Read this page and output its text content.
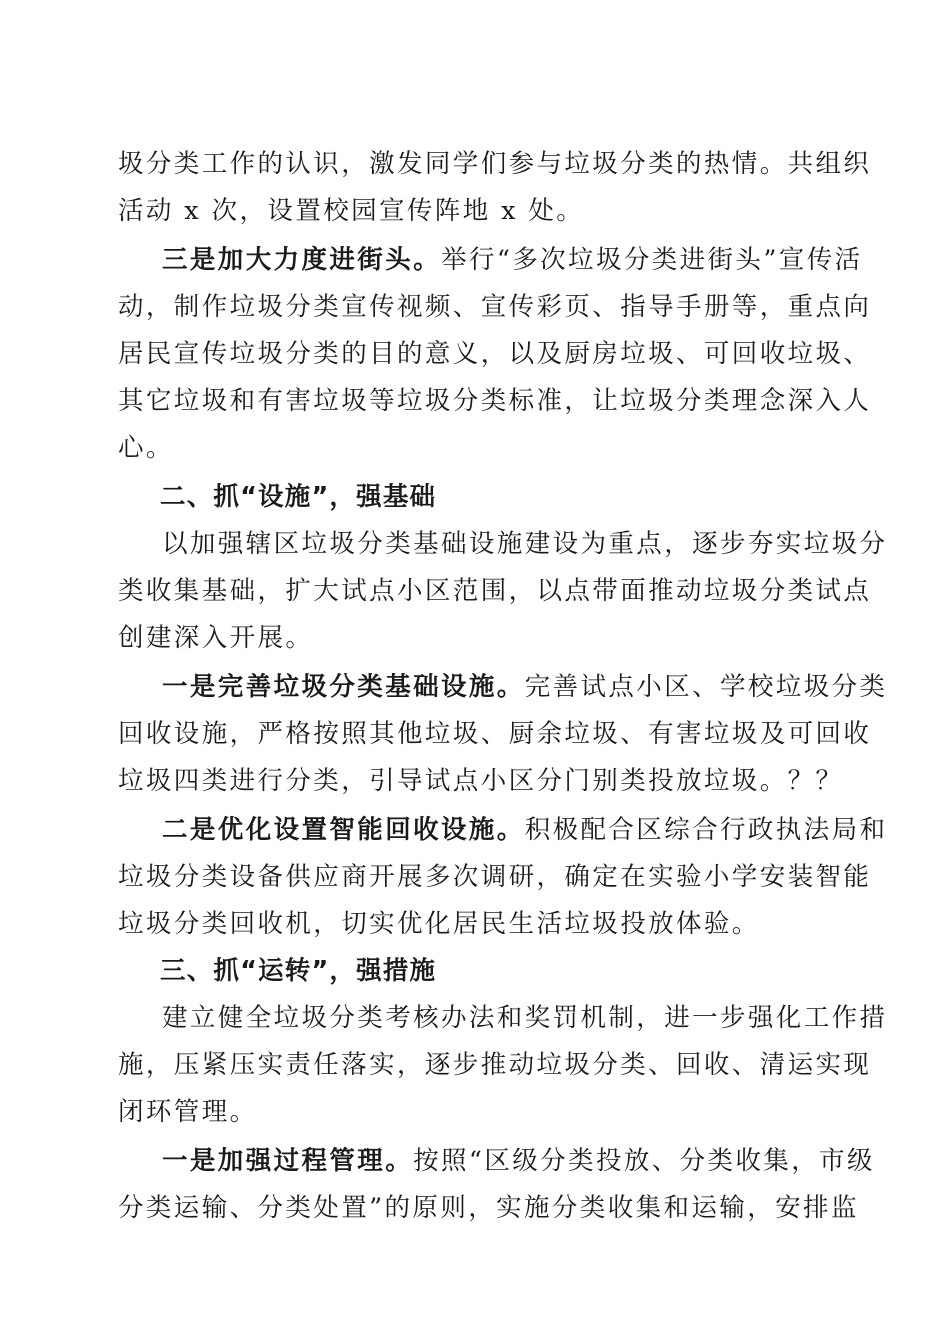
圾分类工作的认识，激发同学们参与垃圾分类的热情。共组织
活动 x 次，设置校园宣传阵地 x 处。
三是加大力度进街头。举行“多次垃圾分类进街头”宣传活
动，制作垃圾分类宣传视频、宣传彩页、指导手册等，重点向
居民宣传垃圾分类的目的意义，以及厨房垃圾、可回收垃圾、
其它垃圾和有害垃圾等垃圾分类标准，让垃圾分类理念深入人
心。
二、抓“设施”，强基础
以加强辖区垃圾分类基础设施建设为重点，逐步夯实垃圾分
类收集基础，扩大试点小区范围，以点带面推动垃圾分类试点
创建深入开展。
一是完善垃圾分类基础设施。完善试点小区、学校垃圾分类
回收设施，严格按照其他垃圾、厨余垃圾、有害垃圾及可回收
垃圾四类进行分类，引导试点小区分门别类投放垃圾。？？
二是优化设置智能回收设施。积极配合区综合行政执法局和
垃圾分类设备供应商开展多次调研，确定在实验小学安装智能
垃圾分类回收机，切实优化居民生活垃圾投放体验。
三、抓“运转”，强措施
建立健全垃圾分类考核办法和奖罚机制，进一步强化工作措
施，压紧压实责任落实，逐步推动垃圾分类、回收、清运实现
闭环管理。
一是加强过程管理。按照“区级分类投放、分类收集，市级
分类运输、分类处置”的原则，实施分类收集和运输，安排监
